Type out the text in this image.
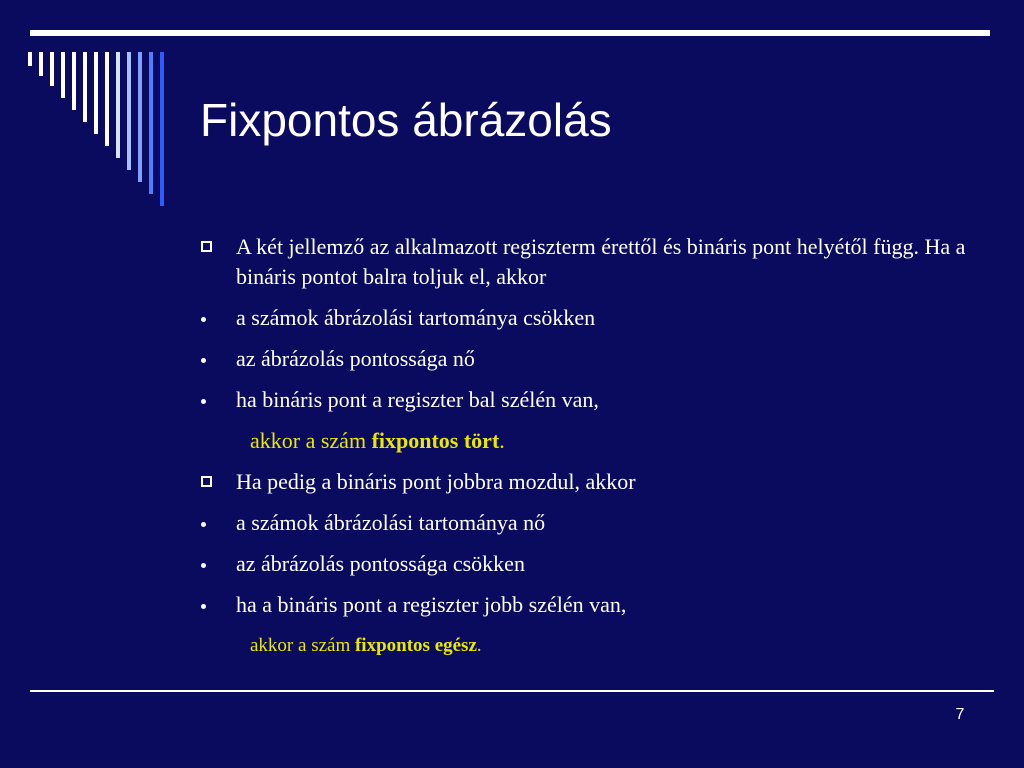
Fixpontos ábrázolás
A két jellemző az alkalmazott regiszterm érettől és bináris pont helyétől függ. Ha a bináris pontot balra toljuk el, akkor
a számok ábrázolási tartománya csökken
az ábrázolás pontossága nő
ha bináris pont a regiszter bal szélén van,
akkor a szám fixpontos tört.
Ha pedig a bináris pont jobbra mozdul, akkor
a számok ábrázolási tartománya nő
az ábrázolás pontossága csökken
ha a bináris pont a regiszter jobb szélén van,
akkor a szám fixpontos egész.
7
